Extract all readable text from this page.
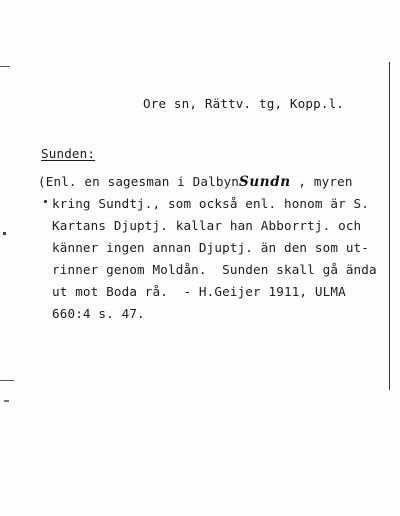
Ore sn, Rättv. tg, Kopp.l.
Sunden:
(Enl. en sagesman i DalbynSundn , myren
kring Sundtj., som också enl. honom är S.
Kartans Djuptj. kallar han Abborrtj. och
känner ingen annan Djuptj. än den som ut-
rinner genom Moldån.  Sunden skall gå ända
ut mot Boda rå.  - H.Geijer 1911, ULMA
660:4 s. 47.
